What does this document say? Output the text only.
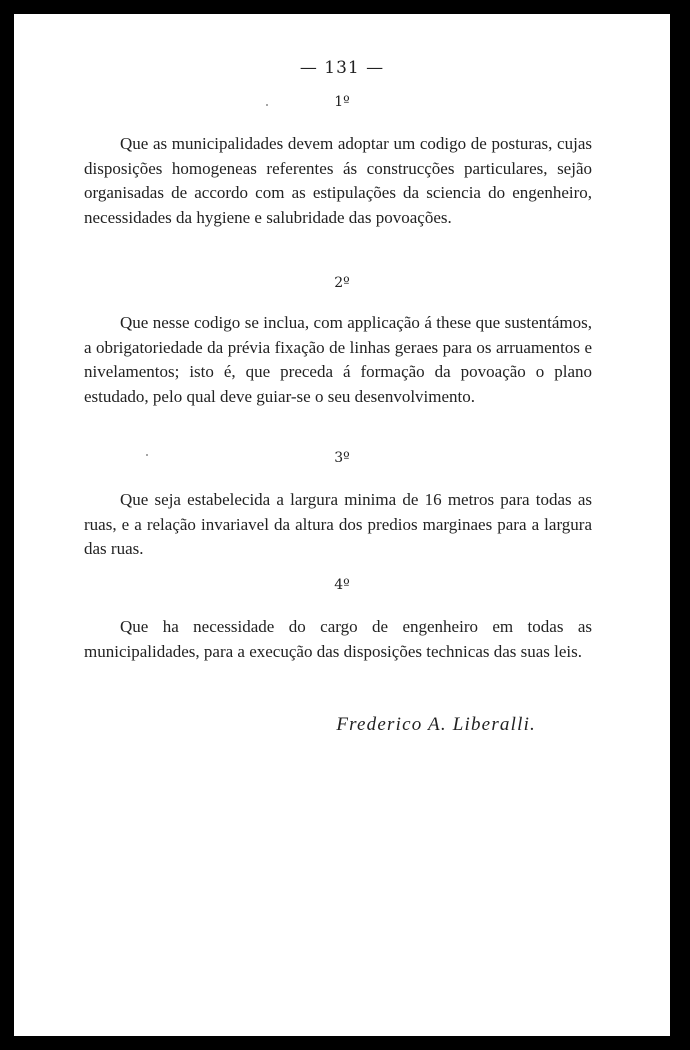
— 131 —
1º

Que as municipalidades devem adoptar um codigo de posturas, cujas disposições homogeneas referentes ás construcções particulares, sejão organisadas de accordo com as estipulações da sciencia do engenheiro, necessidades da hygiene e salubridade das povoações.

2º

Que nesse codigo se inclua, com applicação á these que sustentámos, a obrigatoriedade da prévia fixação de linhas geraes para os arruamentos e nivelamentos; isto é, que preceda á formação da povoação o plano estudado, pelo qual deve guiar-se o seu desenvolvimento.

3º

Que seja estabelecida a largura minima de 16 metros para todas as ruas, e a relação invariavel da altura dos predios marginaes para a largura das ruas.

4º

Que ha necessidade do cargo de engenheiro em todas as municipalidades, para a execução das disposições technicas das suas leis.

Frederico A. Liberalli.
